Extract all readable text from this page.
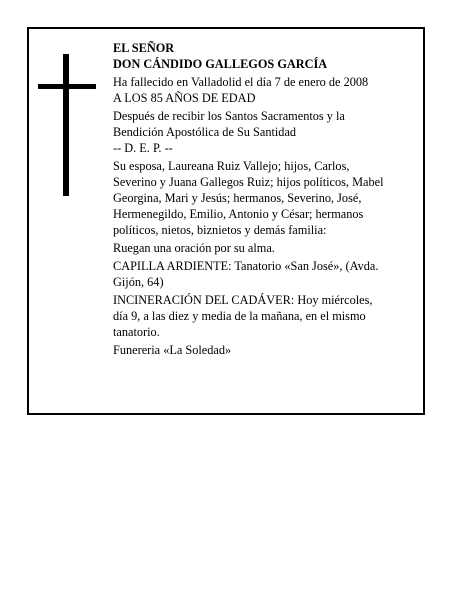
EL SEÑOR
DON CÁNDIDO GALLEGOS GARCÍA
Ha fallecido en Valladolid el día 7 de enero de 2008
A LOS 85 AÑOS DE EDAD
Después de recibir los Santos Sacramentos y la
Bendición Apostólica de Su Santidad
-- D. E. P. --
Su esposa, Laureana Ruiz Vallejo; hijos, Carlos,
Severino y Juana Gallegos Ruiz; hijos políticos, Mabel
Georgina, Mari y Jesús; hermanos, Severino, José,
Hermenegildo, Emilio, Antonio y César; hermanos
políticos, nietos, biznietos y demás familia:
Ruegan una oración por su alma.
CAPILLA ARDIENTE: Tanatorio «San José», (Avda.
Gijón, 64)
INCINERACIÓN DEL CADÁVER: Hoy miércoles,
día 9, a las diez y media de la mañana, en el mismo
tanatorio.
Funereria «La Soledad»
